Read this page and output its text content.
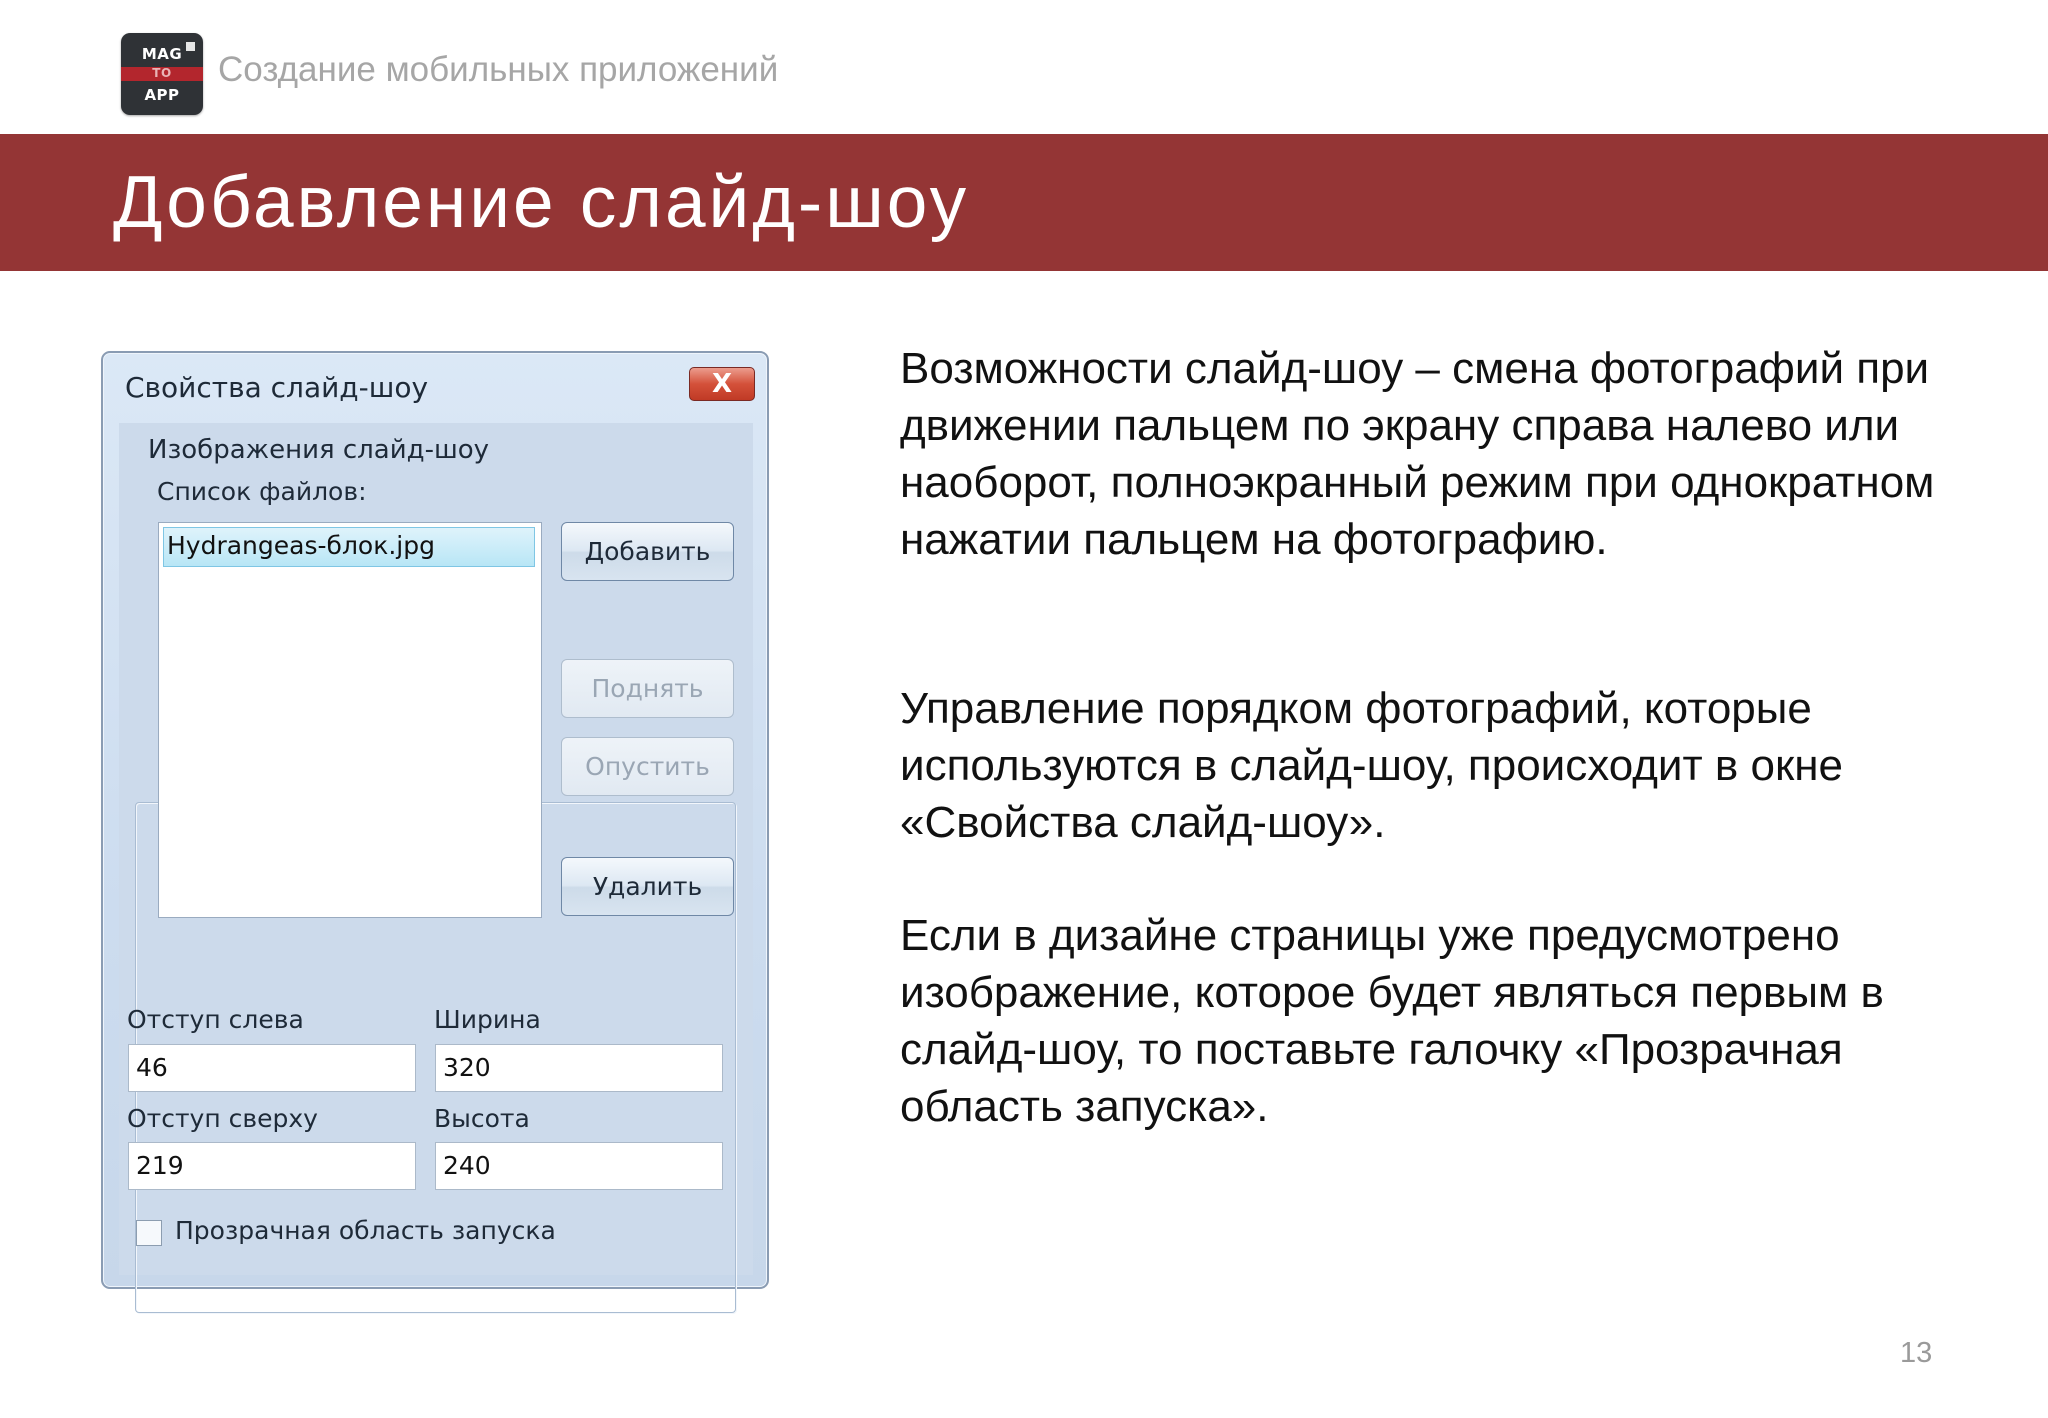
MAG
TO
APP
Создание мобильных приложений
Добавление слайд-шоу
Свойства слайд-шоу	X
Изображения слайд-шоу
Список файлов:
Hydrangeas-блок.jpg	Добавить
Поднять
Опустить
Удалить
Отступ слева	Ширина
46	320
Отступ сверху	Высота
219	240
Прозрачная область запуска

Возможности слайд-шоу – смена фотографий при движении пальцем по экрану справа налево или наоборот, полноэкранный режим при однократном нажатии пальцем на фотографию.

Управление порядком фотографий, которые используются в слайд-шоу, происходит в окне «Свойства слайд-шоу».

Если в дизайне страницы уже предусмотрено изображение, которое будет являться первым в слайд-шоу, то поставьте галочку «Прозрачная область запуска».

13
